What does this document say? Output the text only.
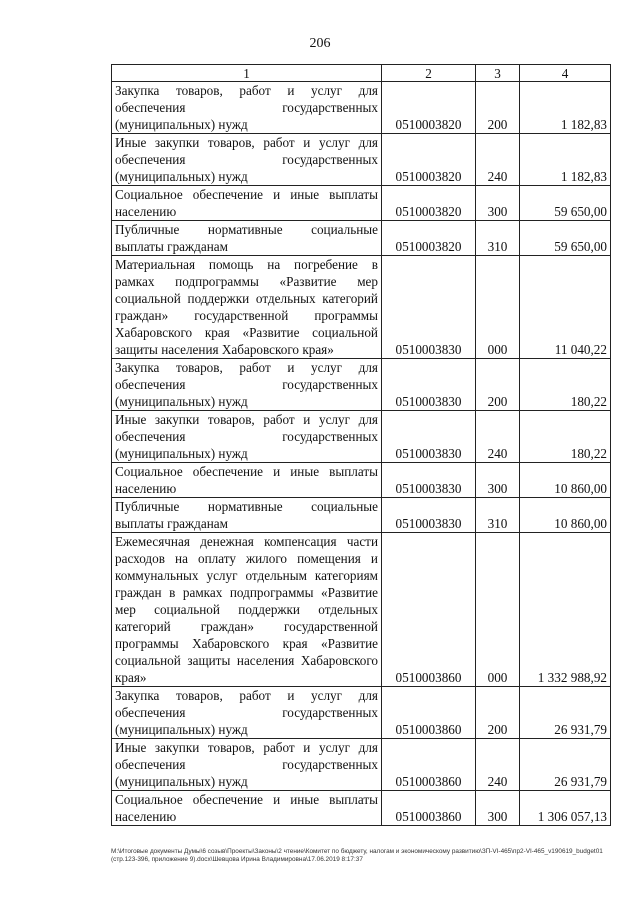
206
1	2	3	4
Закупка товаров, работ и услуг для обеспечения государственных (муниципальных) нужд	0510003820	200	1 182,83
Иные закупки товаров, работ и услуг для обеспечения государственных (муниципальных) нужд	0510003820	240	1 182,83
Социальное обеспечение и иные выплаты населению	0510003820	300	59 650,00
Публичные нормативные социальные выплаты гражданам	0510003820	310	59 650,00
Материальная помощь на погребение в рамках подпрограммы «Развитие мер социальной поддержки отдельных категорий граждан» государственной программы Хабаровского края «Развитие социальной защиты населения Хабаровского края»	0510003830	000	11 040,22
Закупка товаров, работ и услуг для обеспечения государственных (муниципальных) нужд	0510003830	200	180,22
Иные закупки товаров, работ и услуг для обеспечения государственных (муниципальных) нужд	0510003830	240	180,22
Социальное обеспечение и иные выплаты населению	0510003830	300	10 860,00
Публичные нормативные социальные выплаты гражданам	0510003830	310	10 860,00
Ежемесячная денежная компенсация части расходов на оплату жилого помещения и коммунальных услуг отдельным категориям граждан в рамках подпрограммы «Развитие мер социальной поддержки отдельных категорий граждан» государственной программы Хабаровского края «Развитие социальной защиты населения Хабаровского края»	0510003860	000	1 332 988,92
Закупка товаров, работ и услуг для обеспечения государственных (муниципальных) нужд	0510003860	200	26 931,79
Иные закупки товаров, работ и услуг для обеспечения государственных (муниципальных) нужд	0510003860	240	26 931,79
Социальное обеспечение и иные выплаты населению	0510003860	300	1 306 057,13
M:\Итоговые документы Думы\6 созыв\Проекты\Законы\2 чтение\Комитет по бюджету, налогам и экономическому развитию\ЗП-VI-465\пр2-VI-465_v190619_budget01 (стр.123-396, приложение 9).docx\Шевцова Ирина Владимировна\17.06.2019 8:17:37
